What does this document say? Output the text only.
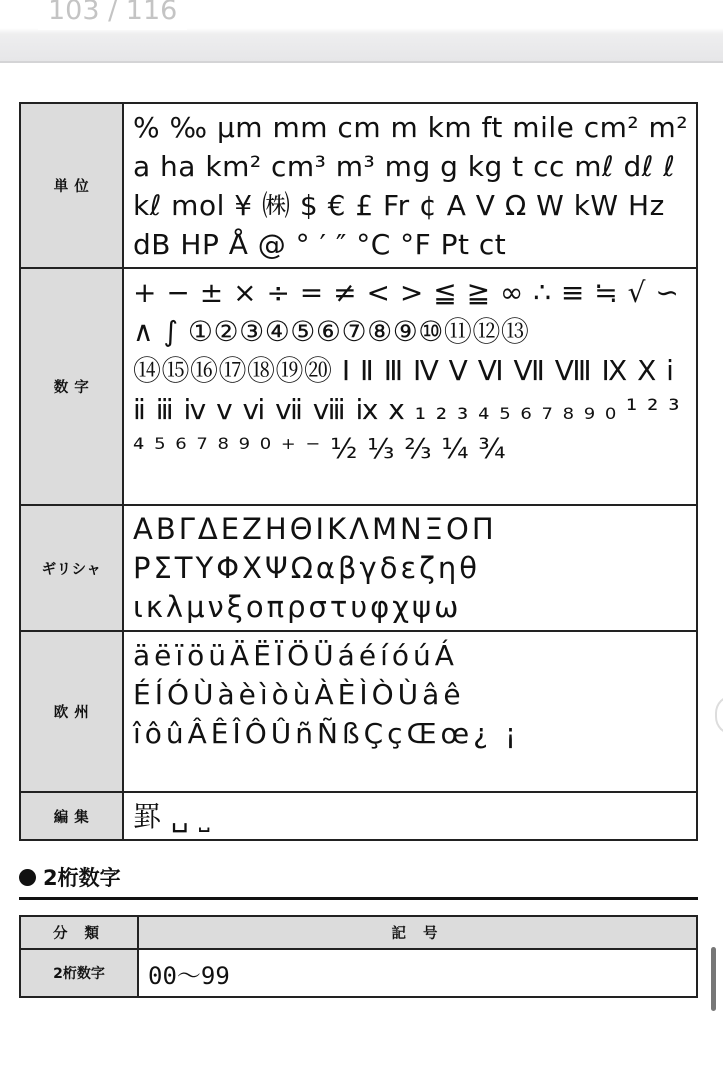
103 / 116
単 位	% ‰ µm mm cm m km ft mile cm² m² a ha km² cm³ m³ mg g kg t cc mℓ dℓ ℓ kℓ mol ¥ ㈱ $ € £ Fr ¢ A V Ω W kW Hz dB HP Å @ ° ′ ″ °C °F Pt ct
数 字	+ − ± × ÷ = ≠ < > ≦ ≧ ∞ ∴ ≡ ≒ √ ∽ ∧ ∫ ①②③④⑤⑥⑦⑧⑨⑩⑪⑫⑬ ⑭⑮⑯⑰⑱⑲⑳ Ⅰ Ⅱ Ⅲ Ⅳ Ⅴ Ⅵ Ⅶ Ⅷ Ⅸ Ⅹ ⅰ ⅱ ⅲ ⅳ ⅴ ⅵ ⅶ ⅷ ⅸ ⅹ ₁ ₂ ₃ ₄ ₅ ₆ ₇ ₈ ₉ ₀ ¹ ² ³ ⁴ ⁵ ⁶ ⁷ ⁸ ⁹ ⁰ ⁺ ⁻ ½ ⅓ ⅔ ¼ ¾
ギリシャ	ΑΒΓΔΕΖΗΘΙΚΛΜΝΞΟΠ ΡΣΤΥΦΧΨΩαβγδεζηθ ικλμνξοπρστυφχψω
欧 州	äëïöüÄËÏÖÜáéíóúÁ ÉÍÓÙàèìòùÀÈÌÒÙâê îôûÂÊÎÔÛñÑßÇçŒœ¿ ¡
編 集	罫 ␣ ˽
2桁数字
分 類	記 号
2桁数字	00〜99
